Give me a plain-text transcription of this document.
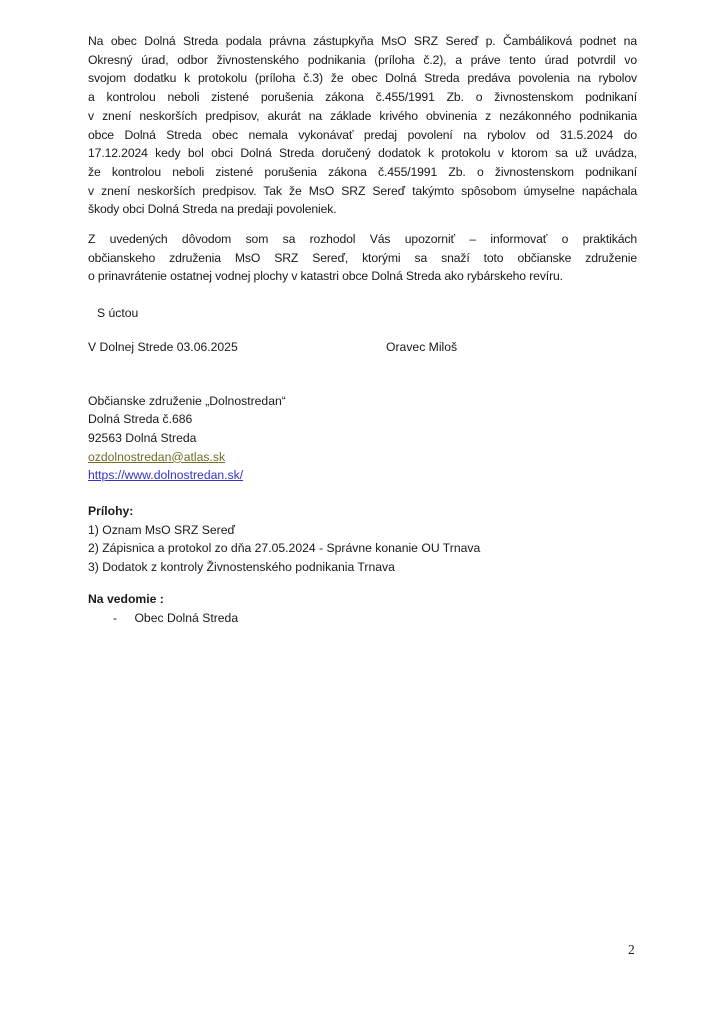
Na obec Dolná Streda podala právna zástupkyňa MsO SRZ Sereď p. Čambáliková podnet na
Okresný úrad, odbor živnostenského podnikania (príloha č.2), a práve tento úrad potvrdil vo
svojom dodatku k protokolu (príloha č.3) že obec Dolná Streda predáva povolenia na rybolov
a kontrolou neboli zistené porušenia zákona č.455/1991 Zb. o živnostenskom podnikaní
v znení neskorších predpisov, akurát na základe krivého obvinenia z nezákonného podnikania
obce Dolná Streda obec nemala vykonávať predaj povolení na rybolov od 31.5.2024 do
17.12.2024 kedy bol obci Dolná Streda doručený dodatok k protokolu v ktorom sa už uvádza,
že kontrolou neboli zistené porušenia zákona č.455/1991 Zb. o živnostenskom podnikaní
v znení neskorších predpisov. Tak že MsO SRZ Sereď takýmto spôsobom úmyselne napáchala
škody obci Dolná Streda na predaji povoleniek.
Z uvedených dôvodom som sa rozhodol Vás upozorniť – informovať o praktikách
občianskeho združenia MsO SRZ Sereď, ktorými sa snaží toto občianske združenie
o prinavrátenie ostatnej vodnej plochy v katastri obce Dolná Streda ako rybárskeho revíru.
S úctou
V Dolnej Strede 03.06.2025	Oravec Miloš
Občianske združenie „Dolnostredan“
Dolná Streda č.686
92563 Dolná Streda
ozdolnostredan@atlas.sk
https://www.dolnostredan.sk/
Prílohy:
1) Oznam MsO SRZ Sereď
2) Zápisnica a protokol zo dňa 27.05.2024 - Správne konanie OU Trnava
3) Dodatok z kontroly Živnostenského podnikania Trnava
Na vedomie :
- Obec Dolná Streda
2
